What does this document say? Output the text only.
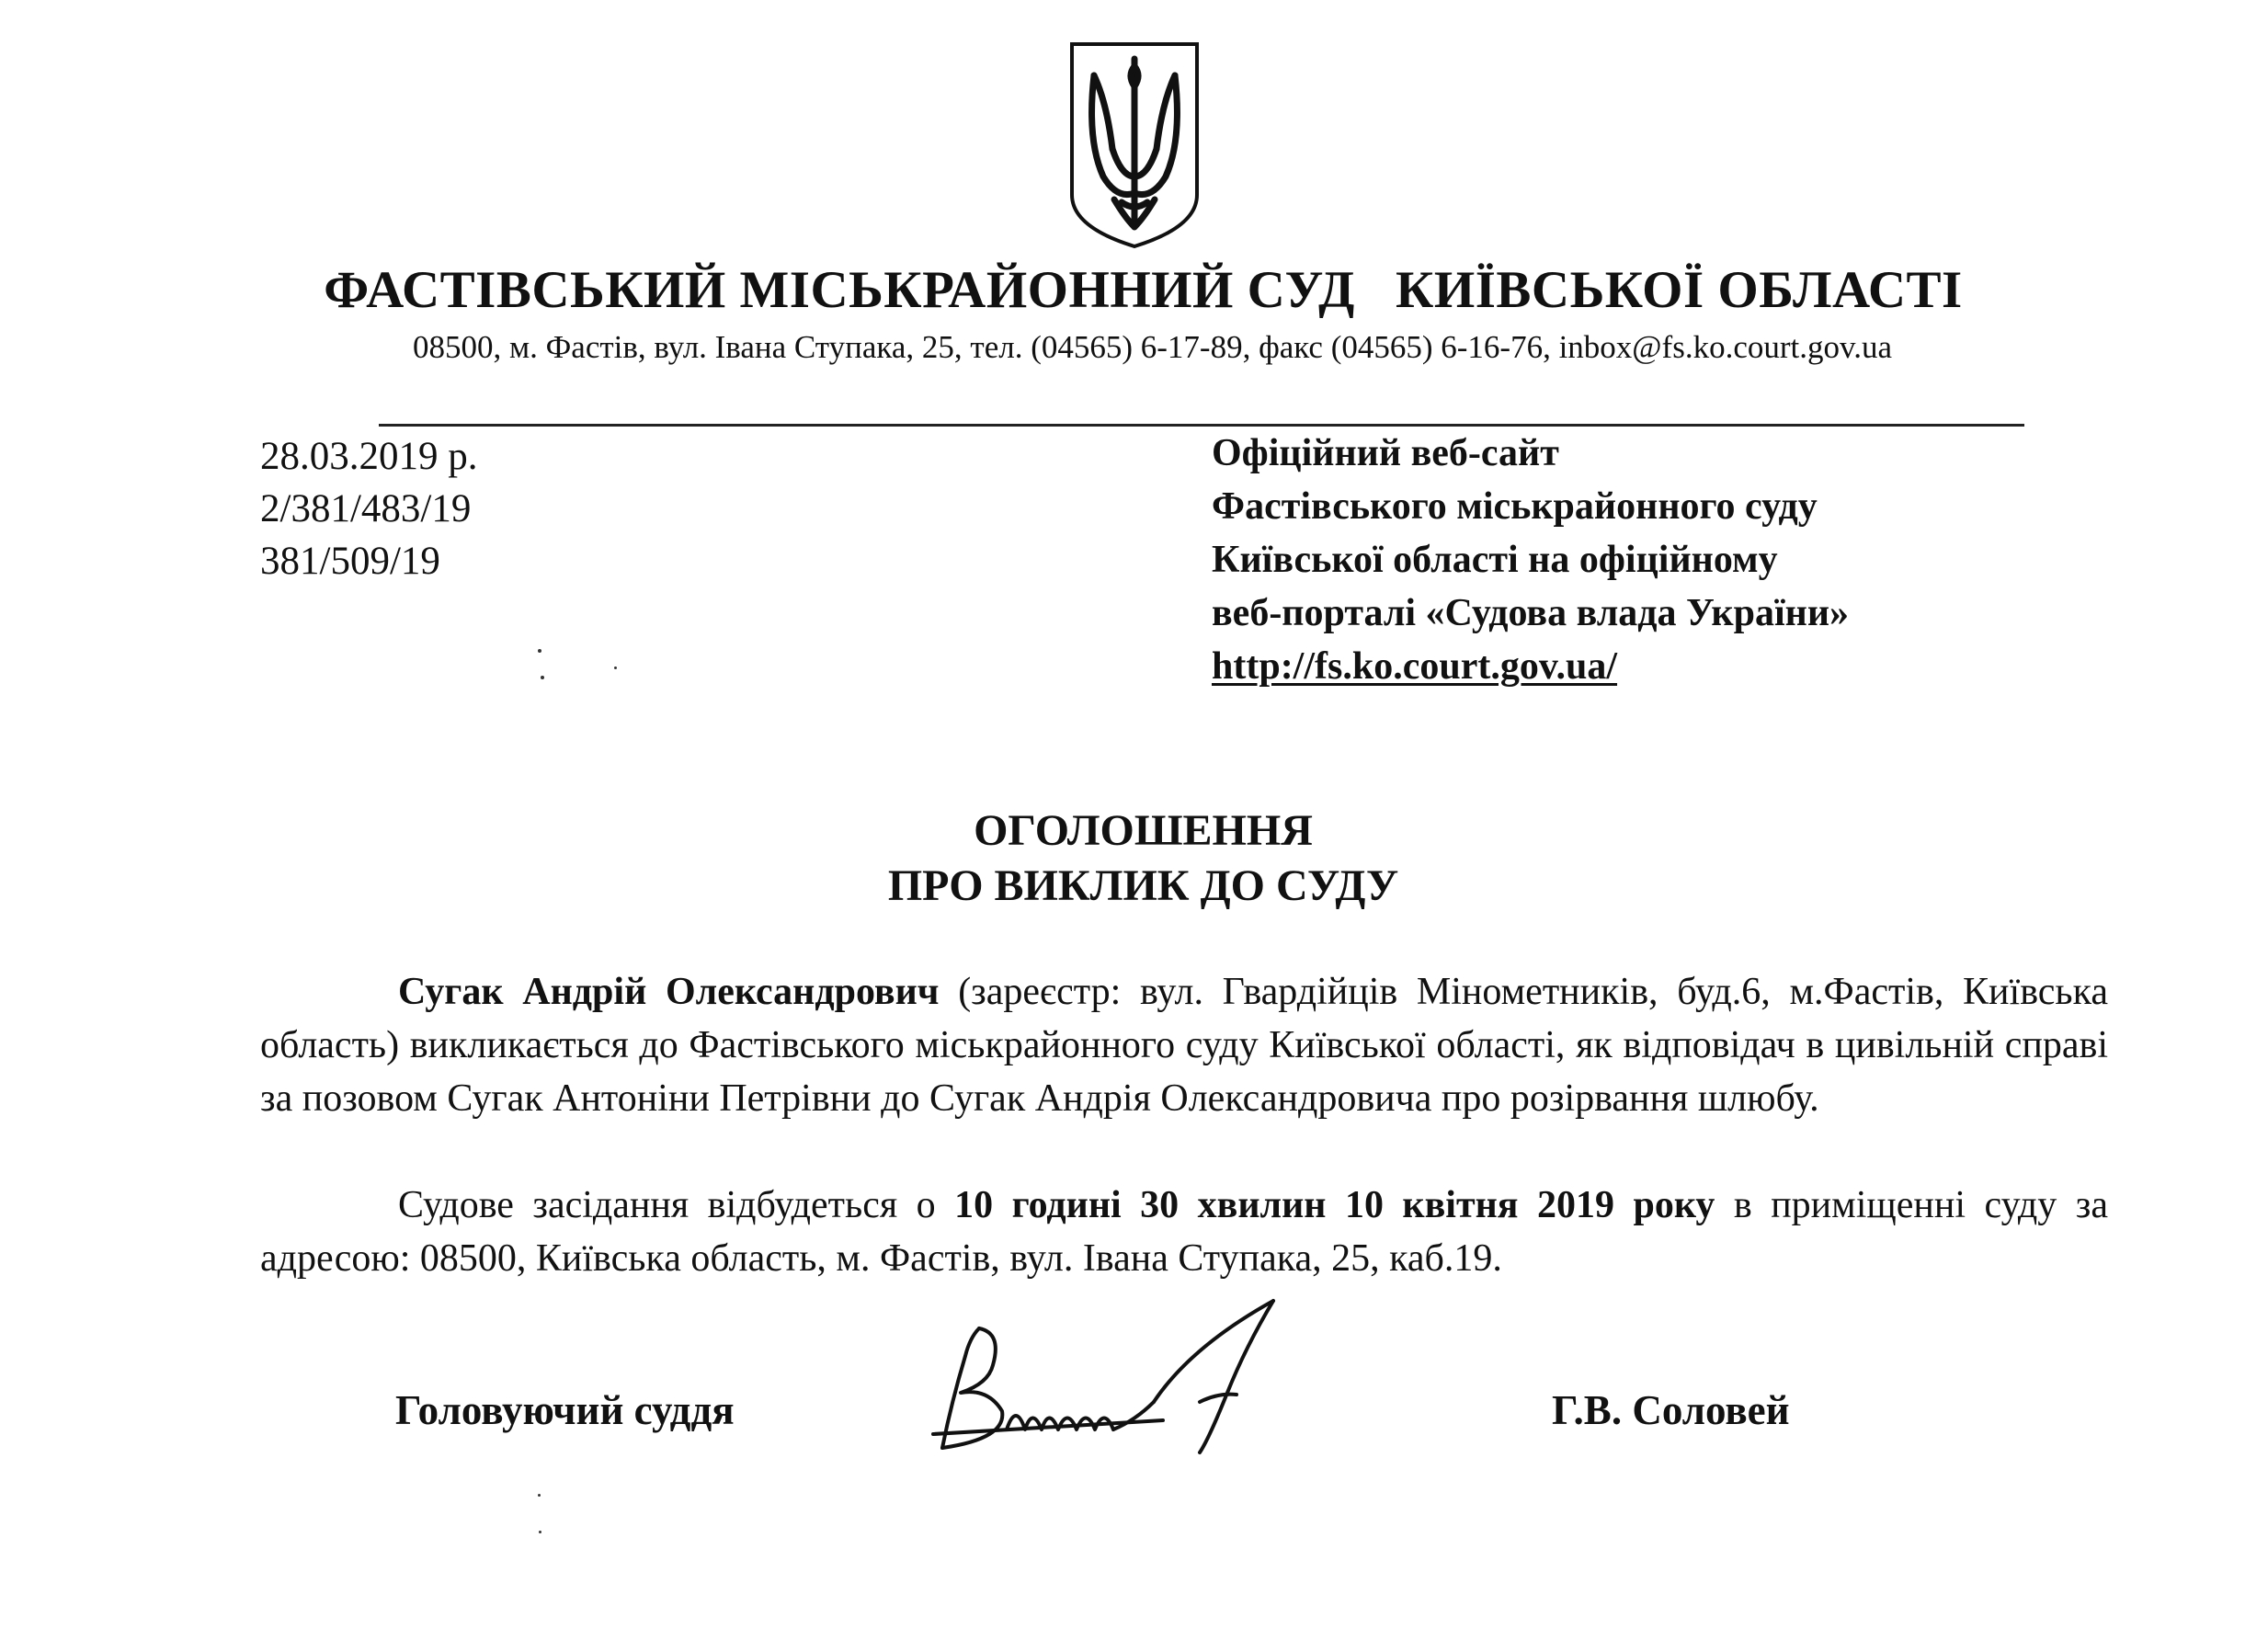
ФАСТІВСЬКИЙ МІСЬКРАЙОННИЙ СУД   КИЇВСЬКОЇ ОБЛАСТІ
08500, м. Фастів, вул. Івана Ступака, 25, тел. (04565) 6-17-89, факс (04565) 6-16-76, inbox@fs.ko.court.gov.ua
28.03.2019 р.
2/381/483/19
381/509/19
Офіційний веб-сайт
Фастівського міськрайонного суду
Київської області на офіційному
веб-порталі «Судова влада України»
http://fs.ko.court.gov.ua/
ОГОЛОШЕННЯ
ПРО ВИКЛИК ДО СУДУ
Сугак Андрій Олександрович (зареєстр: вул. Гвардійців Мінометників, буд.6, м.Фастів, Київська область) викликається до Фастівського міськрайонного суду Київської області, як відповідач в цивільній справі за позовом Сугак Антоніни Петрівни до Сугак Андрія Олександровича про розірвання шлюбу.
Судове засідання відбудеться о 10 годині 30 хвилин 10 квітня 2019 року в приміщенні суду за адресою: 08500, Київська область, м. Фастів, вул. Івана Ступака, 25, каб.19.
Головуючий суддя	Г.В. Соловей
